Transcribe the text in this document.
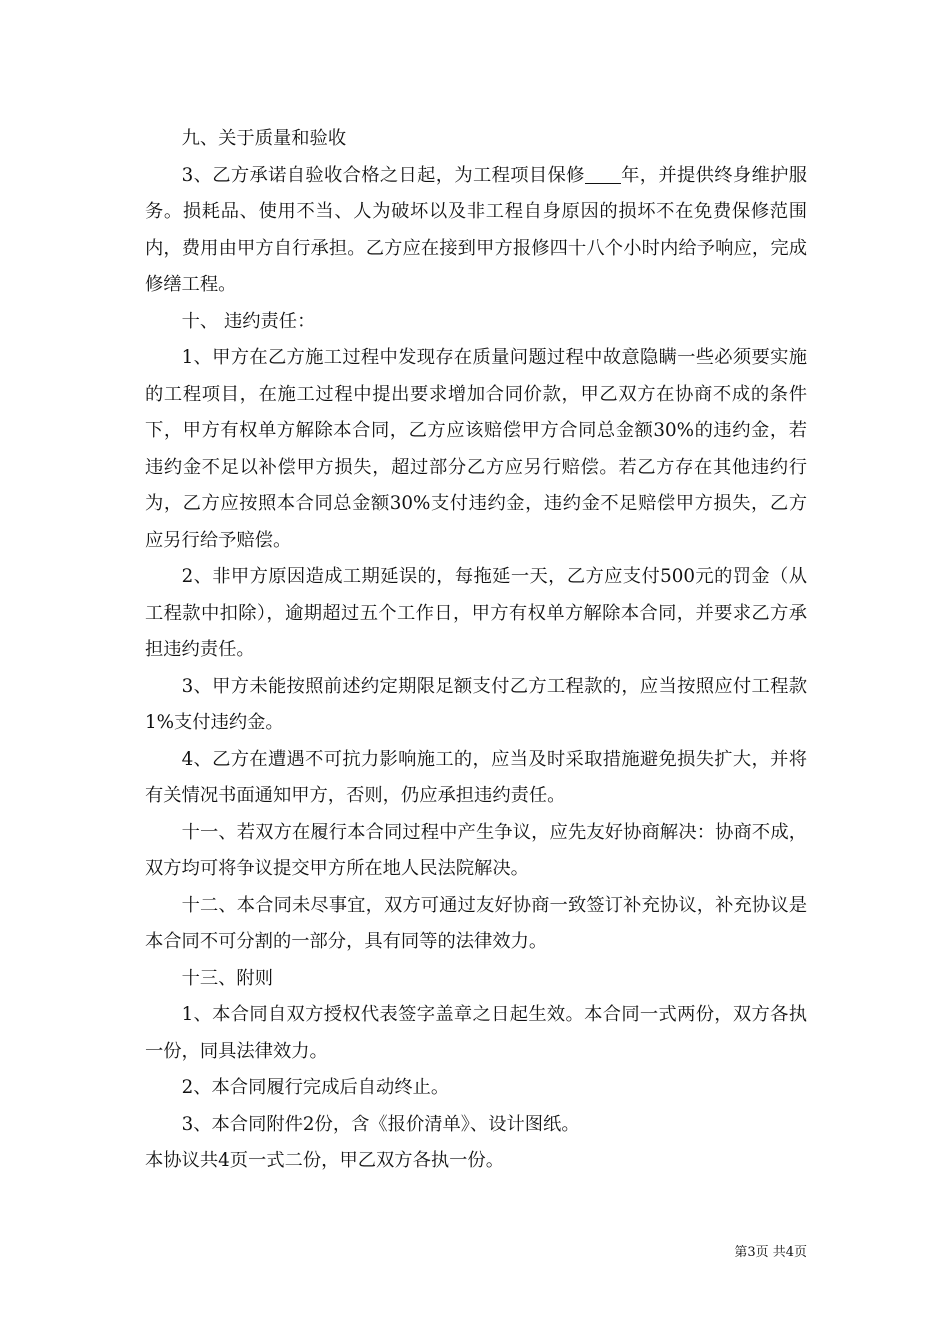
九、关于质量和验收

3、乙方承诺自验收合格之日起，为工程项目保修 年，并提供终身维护服务。损耗品、使用不当、人为破坏以及非工程自身原因的损坏不在免费保修范围内，费用由甲方自行承担。乙方应在接到甲方报修四十八个小时内给予响应，完成修缮工程。

十、 违约责任：

1、甲方在乙方施工过程中发现存在质量问题过程中故意隐瞒一些必须要实施的工程项目，在施工过程中提出要求增加合同价款，甲乙双方在协商不成的条件下，甲方有权单方解除本合同，乙方应该赔偿甲方合同总金额30%的违约金，若违约金不足以补偿甲方损失，超过部分乙方应另行赔偿。若乙方存在其他违约行为，乙方应按照本合同总金额30%支付违约金，违约金不足赔偿甲方损失，乙方应另行给予赔偿。

2、非甲方原因造成工期延误的，每拖延一天，乙方应支付500元的罚金（从工程款中扣除），逾期超过五个工作日，甲方有权单方解除本合同，并要求乙方承担违约责任。

3、甲方未能按照前述约定期限足额支付乙方工程款的，应当按照应付工程款1%支付违约金。

4、乙方在遭遇不可抗力影响施工的，应当及时采取措施避免损失扩大，并将有关情况书面通知甲方，否则，仍应承担违约责任。

十一、若双方在履行本合同过程中产生争议，应先友好协商解决：协商不成，双方均可将争议提交甲方所在地人民法院解决。

十二、本合同未尽事宜，双方可通过友好协商一致签订补充协议，补充协议是本合同不可分割的一部分，具有同等的法律效力。

十三、附则

1、本合同自双方授权代表签字盖章之日起生效。本合同一式两份，双方各执一份，同具法律效力。

2、本合同履行完成后自动终止。

3、本合同附件2份，含《报价清单》、设计图纸。

本协议共4页一式二份，甲乙双方各执一份。

第3页 共4页
